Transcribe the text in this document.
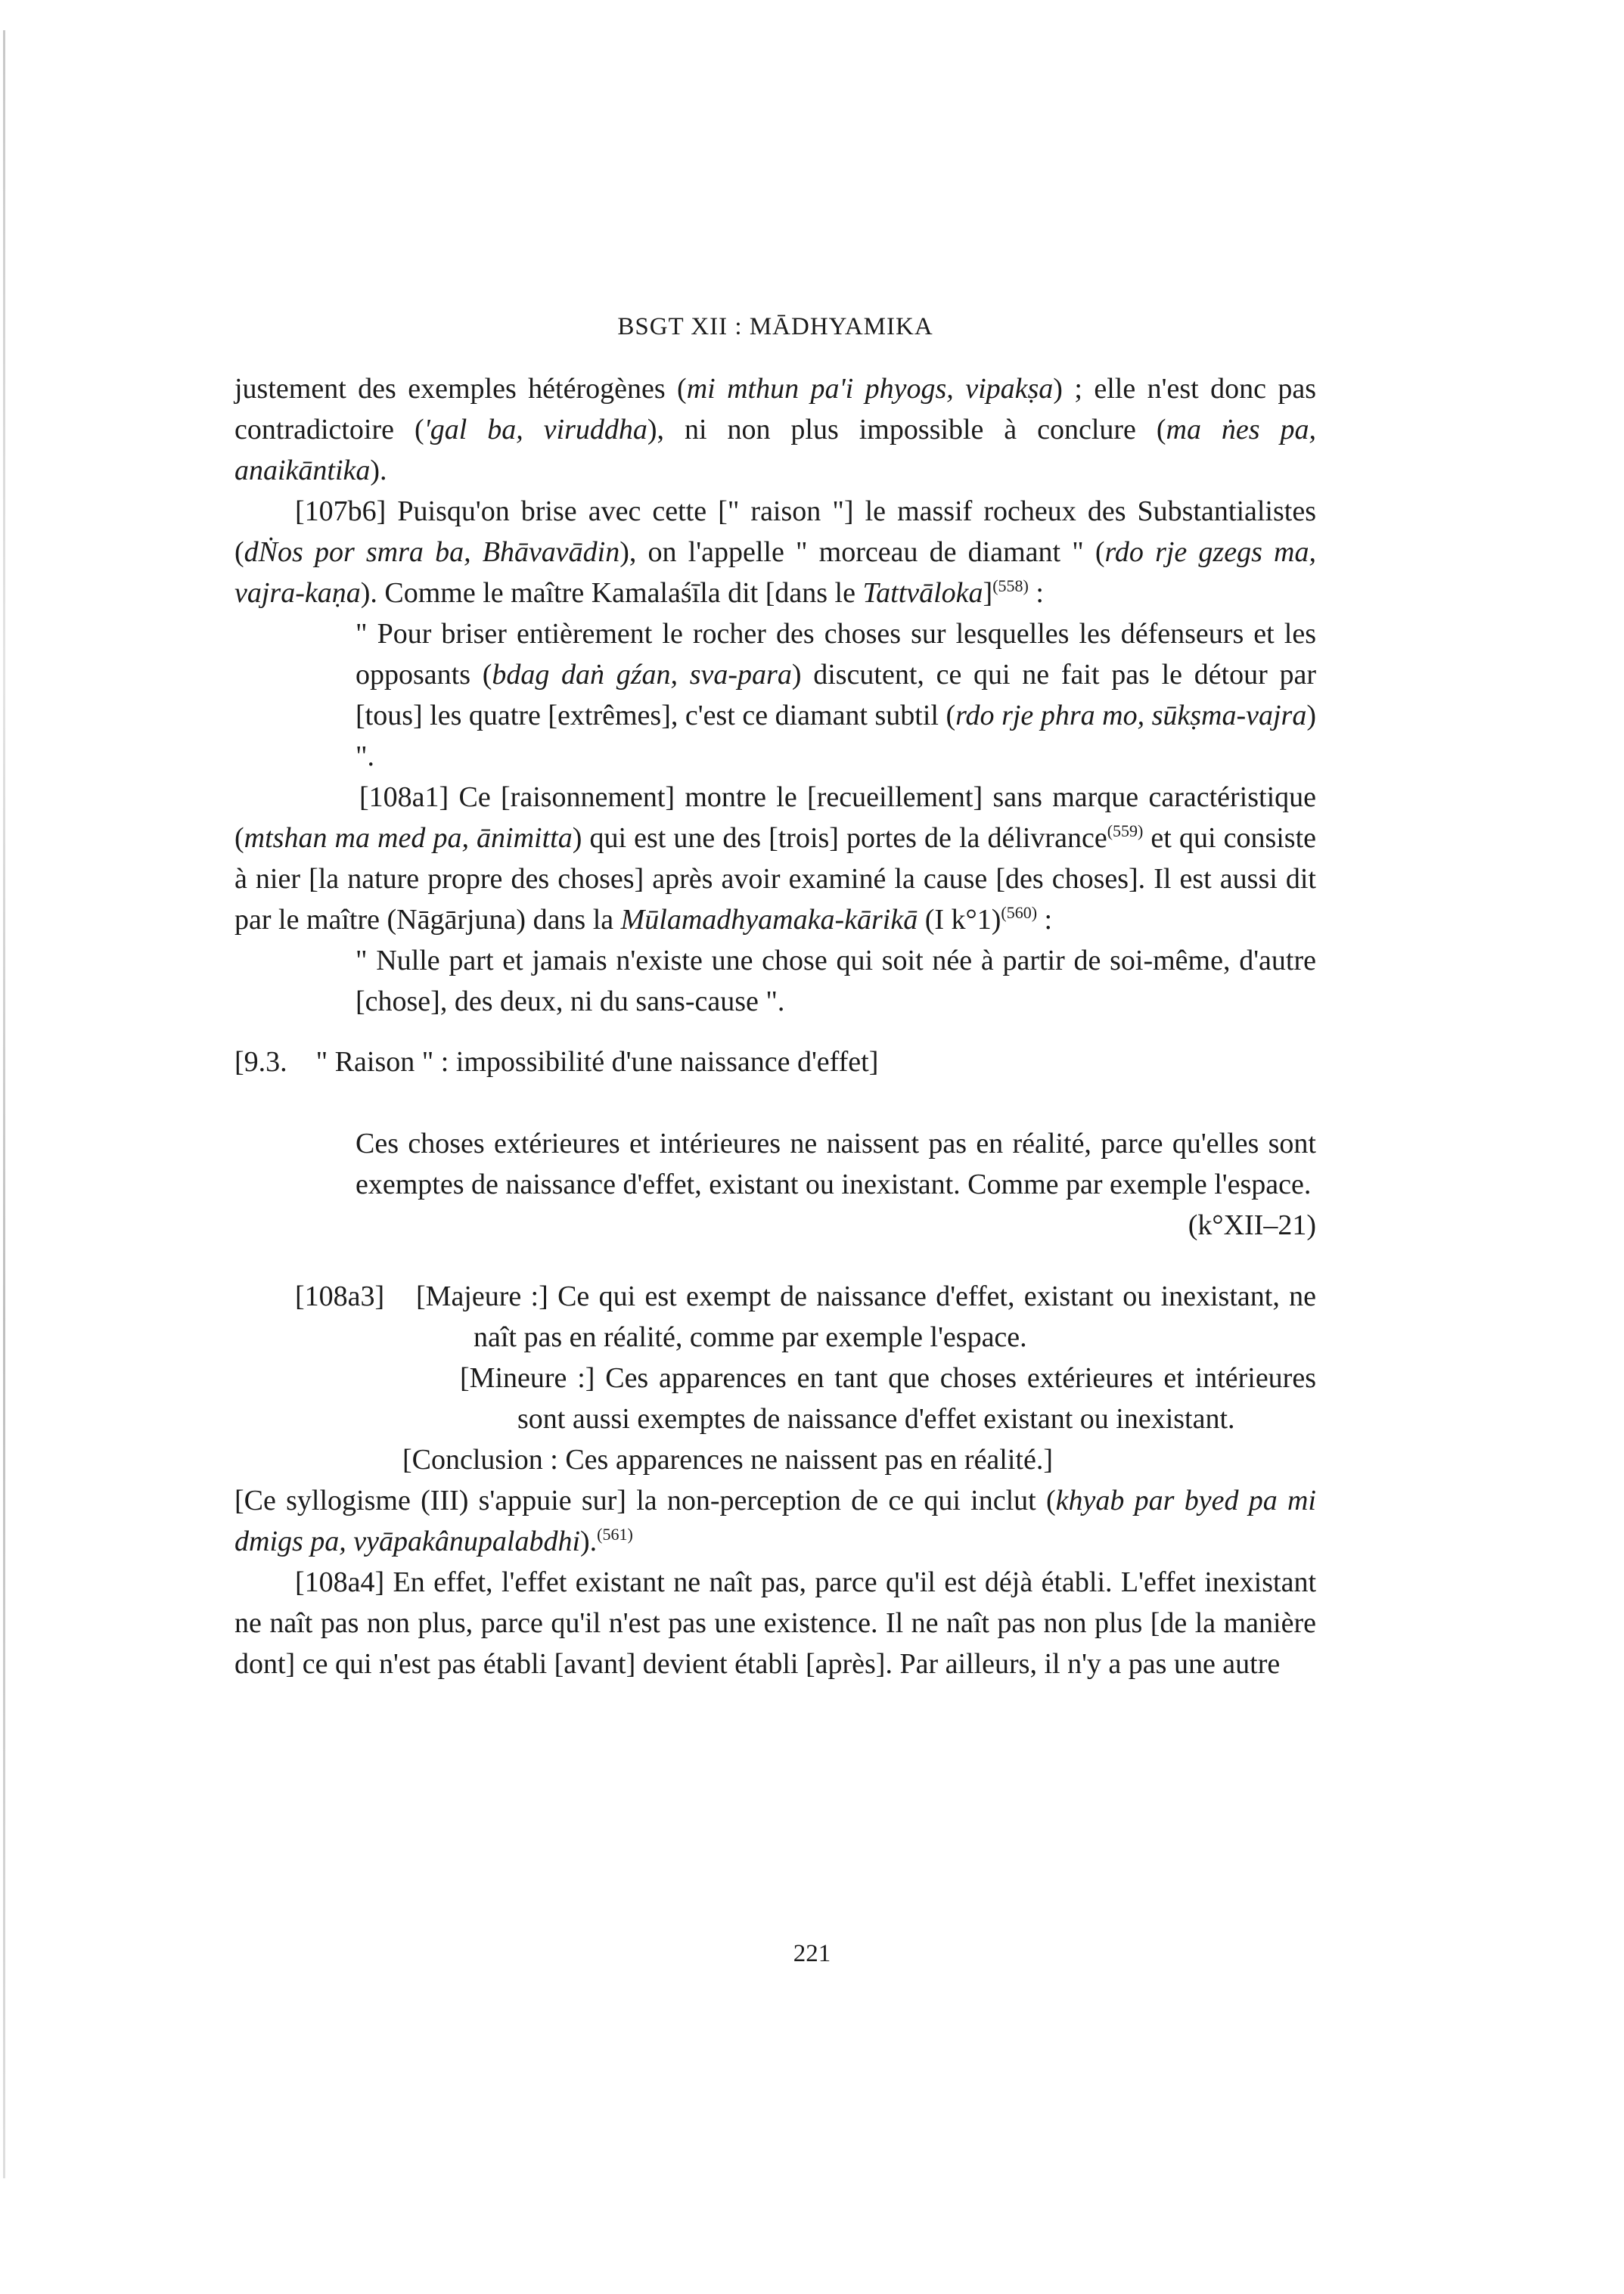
BSGT XII : MĀDHYAMIKA

justement des exemples hétérogènes (mi mthun pa'i phyogs, vipakṣa) ; elle n'est donc pas contradictoire ('gal ba, viruddha), ni non plus impossible à conclure (ma ṅes pa, anaikāntika).

[107b6] Puisqu'on brise avec cette [" raison "] le massif rocheux des Substantialistes (dṄos por smra ba, Bhāvavādin), on l'appelle " morceau de diamant " (rdo rje gzegs ma, vajra-kaṇa). Comme le maître Kamalaśīla dit [dans le Tattvāloka]$^{(558)}$ :

" Pour briser entièrement le rocher des choses sur lesquelles les défenseurs et les opposants (bdag daṅ gźan, sva-para) discutent, ce qui ne fait pas le détour par [tous] les quatre [extrêmes], c'est ce diamant subtil (rdo rje phra mo, sūkṣma-vajra) ".

[108a1] Ce [raisonnement] montre le [recueillement] sans marque caractéristique (mtshan ma med pa, ānimitta) qui est une des [trois] portes de la délivrance$^{(559)}$ et qui consiste à nier [la nature propre des choses] après avoir examiné la cause [des choses]. Il est aussi dit par le maître (Nāgārjuna) dans la Mūlamadhyamaka-kārikā (I k°1)$^{(560)}$ :

" Nulle part et jamais n'existe une chose qui soit née à partir de soi-même, d'autre [chose], des deux, ni du sans-cause ".

[9.3. " Raison " : impossibilité d'une naissance d'effet]
Ces choses extérieures et intérieures ne naissent pas en réalité, parce qu'elles sont exemptes de naissance d'effet, existant ou inexistant. Comme par exemple l'espace.
(k°XII–21)
[108a3]	[Majeure :] Ce qui est exempt de naissance d'effet, existant ou inexistant, ne naît pas en réalité, comme par exemple l'espace.
[Mineure :] Ces apparences en tant que choses extérieures et intérieures sont aussi exemptes de naissance d'effet existant ou inexistant.
[Conclusion : Ces apparences ne naissent pas en réalité.]

[Ce syllogisme (III) s'appuie sur] la non-perception de ce qui inclut (khyab par byed pa mi dmigs pa, vyāpakânupalabdhi).$^{(561)}$

[108a4] En effet, l'effet existant ne naît pas, parce qu'il est déjà établi. L'effet inexistant ne naît pas non plus, parce qu'il n'est pas une existence. Il ne naît pas non plus [de la manière dont] ce qui n'est pas établi [avant] devient établi [après]. Par ailleurs, il n'y a pas une autre

221
